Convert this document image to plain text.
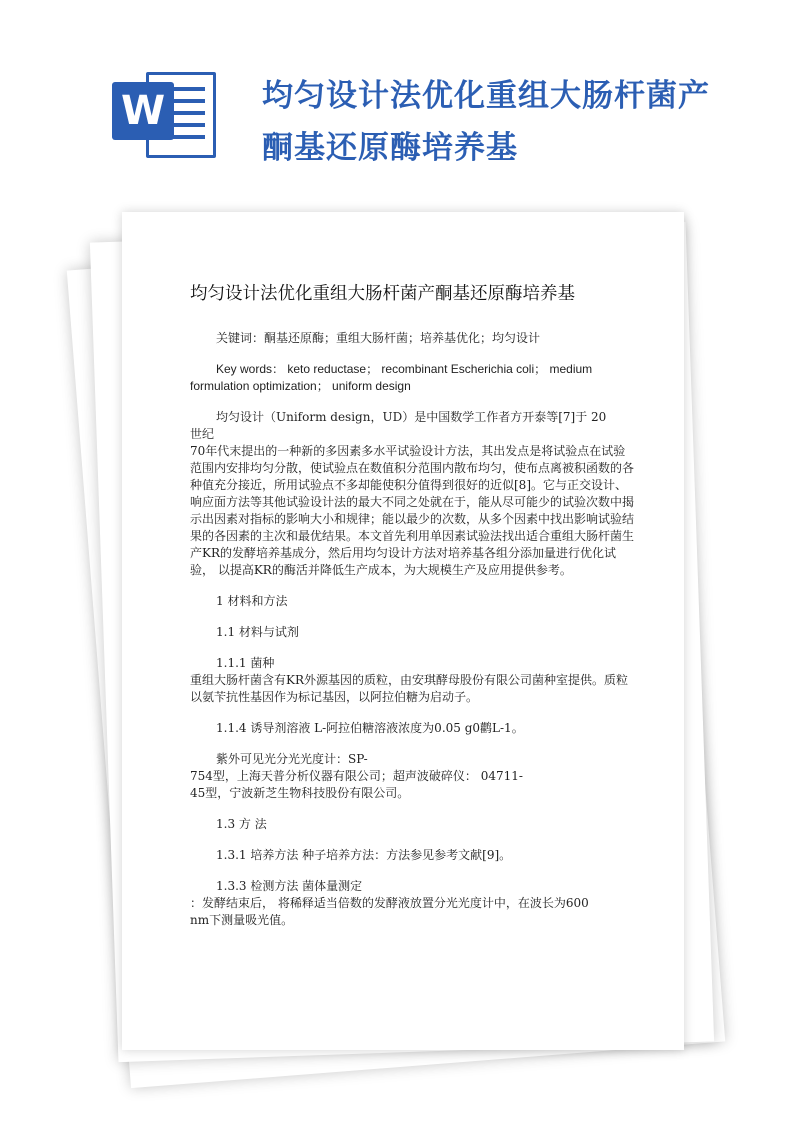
W	均匀设计法优化重组大肠杆菌产酮基还原酶培养基
均匀设计法优化重组大肠杆菌产酮基还原酶培养基
关键词：酮基还原酶；重组大肠杆菌；培养基优化；均匀设计
Key words： keto reductase； recombinant Escherichia coli； medium
formulation optimization； uniform design
均匀设计（Uniform design，UD）是中国数学工作者方开泰等[7]于 20
世纪
70年代末提出的一种新的多因素多水平试验设计方法，其出发点是将试验点在试验范围内安排均匀分散，使试验点在数值积分范围内散布均匀，使布点离被积函数的各种值充分接近，所用试验点不多却能使积分值得到很好的近似[8]。它与正交设计、响应面方法等其他试验设计法的最大不同之处就在于，能从尽可能少的试验次数中揭示出因素对指标的影响大小和规律；能以最少的次数，从多个因素中找出影响试验结果的各因素的主次和最优结果。本文首先利用单因素试验法找出适合重组大肠杆菌生产KR的发酵培养基成分，然后用均匀设计方法对培养基各组分添加量进行优化试验， 以提高KR的酶活并降低生产成本，为大规模生产及应用提供参考。
1 材料和方法
1.1 材料与试剂
1.1.1 菌种
重组大肠杆菌含有KR外源基因的质粒，由安琪酵母股份有限公司菌种室提供。质粒以氨苄抗性基因作为标记基因，以阿拉伯糖为启动子。
1.1.4 诱导剂溶液 L-阿拉伯糖溶液浓度为0.05 g0鹳L-1。
紫外可见光分光光度计：SP-
754型，上海天普分析仪器有限公司；超声波破碎仪： 04711-
45型，宁波新芝生物科技股份有限公司。
1.3 方 法
1.3.1 培养方法 种子培养方法：方法参见参考文献[9]。
1.3.3 检测方法 菌体量测定
：发酵结束后， 将稀释适当倍数的发酵液放置分光光度计中，在波长为600
nm下测量吸光值。
